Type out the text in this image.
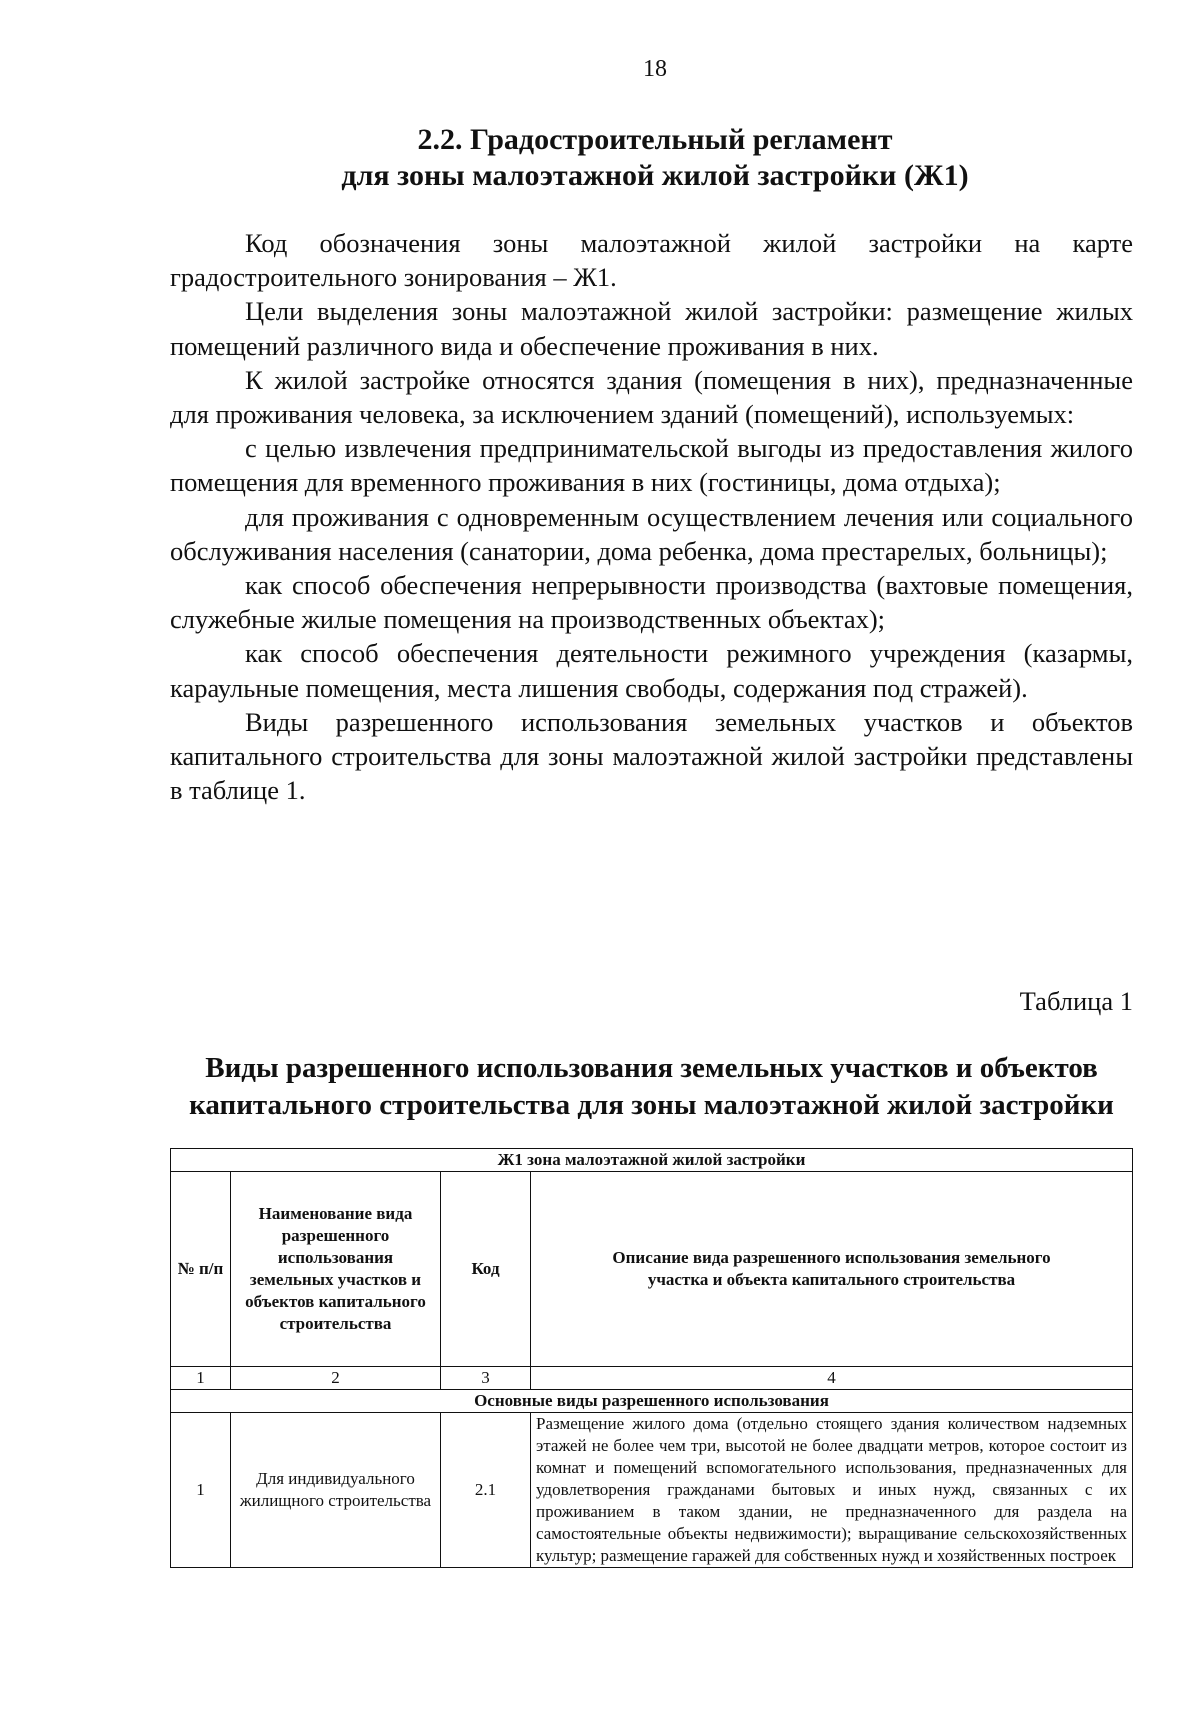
18
2.2. Градостроительный регламент
для зоны малоэтажной жилой застройки (Ж1)

Код обозначения зоны малоэтажной жилой застройки на карте градостроительного зонирования – Ж1.

Цели выделения зоны малоэтажной жилой застройки: размещение жилых помещений различного вида и обеспечение проживания в них.

К жилой застройке относятся здания (помещения в них), предназначенные для проживания человека, за исключением зданий (помещений), используемых:

с целью извлечения предпринимательской выгоды из предоставления жилого помещения для временного проживания в них (гостиницы, дома отдыха);

для проживания с одновременным осуществлением лечения или социального обслуживания населения (санатории, дома ребенка, дома престарелых, больницы);

как способ обеспечения непрерывности производства (вахтовые помещения, служебные жилые помещения на производственных объектах);

как способ обеспечения деятельности режимного учреждения (казармы, караульные помещения, места лишения свободы, содержания под стражей).

Виды разрешенного использования земельных участков и объектов капитального строительства для зоны малоэтажной жилой застройки представлены в таблице 1.

Таблица 1
Виды разрешенного использования земельных участков и объектов
капитального строительства для зоны малоэтажной жилой застройки
Ж1 зона малоэтажной жилой застройки			
№ п/п	Наименование вида разрешенного использования земельных участков и объектов капитального строительства	Код	Описание вида разрешенного использования земельного участка и объекта капитального строительства
1	2	3	4
Основные виды разрешенного использования			
1	Для индивидуального жилищного строительства	2.1	Размещение жилого дома (отдельно стоящего здания количеством надземных этажей не более чем три, высотой не более двадцати метров, которое состоит из комнат и помещений вспомогательного использования, предназначенных для удовлетворения гражданами бытовых и иных нужд, связанных с их проживанием в таком здании, не предназначенного для раздела на самостоятельные объекты недвижимости); выращивание сельскохозяйственных культур; размещение гаражей для собственных нужд и хозяйственных построек
